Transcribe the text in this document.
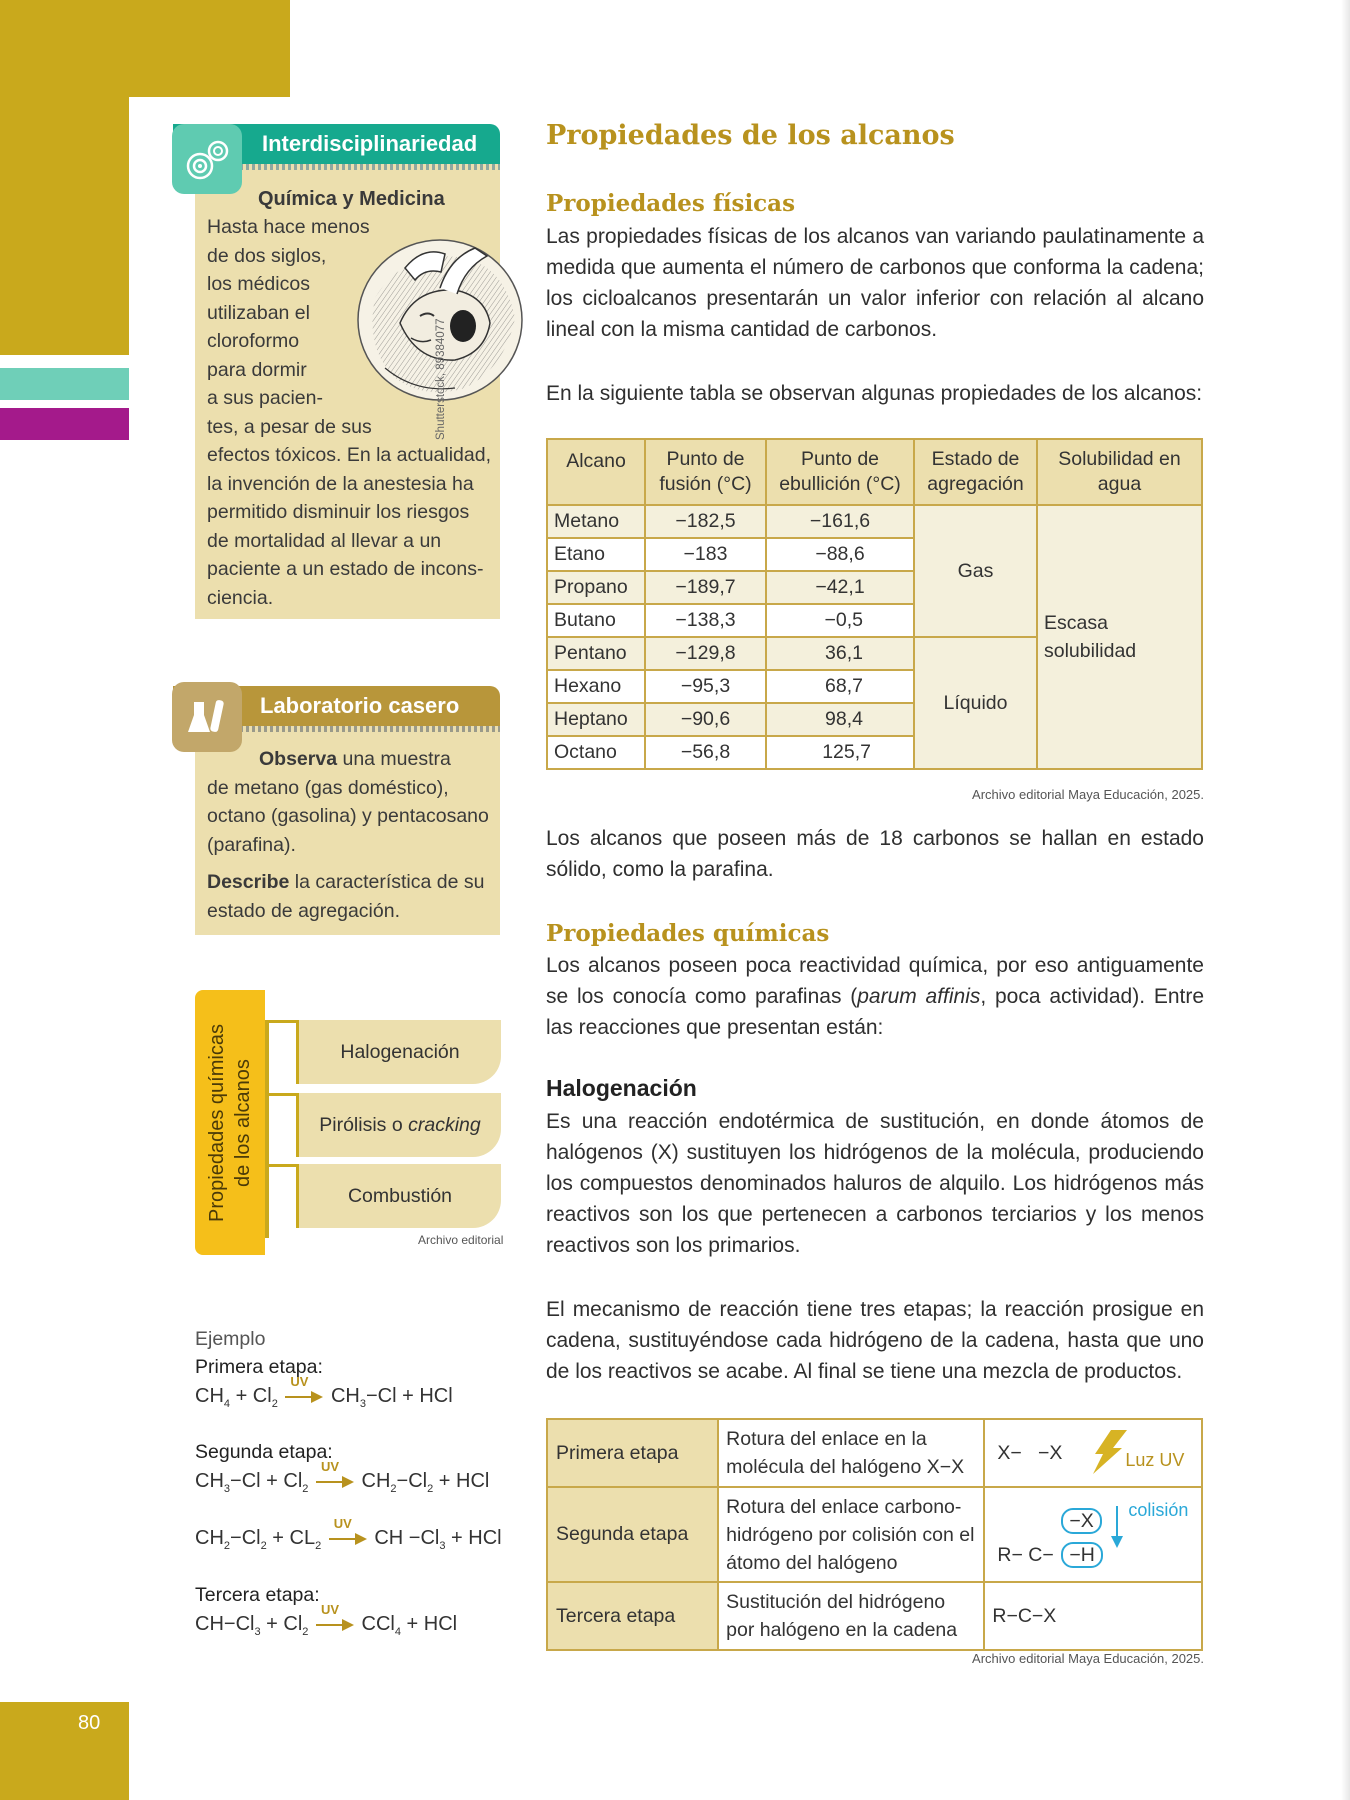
80
Interdisciplinariedad
Química y Medicina
Hasta hace menos
de dos siglos,
los médicos
utilizaban el
cloroformo
para dormir
a sus pacien-
tes, a pesar de sus
efectos tóxicos. En la actualidad,
la invención de la anestesia ha
permitido disminuir los riesgos
de mortalidad al llevar a un
paciente a un estado de incons-
ciencia.
Shutterstock, 89384077
Laboratorio casero
Observa una muestra
de metano (gas doméstico),
octano (gasolina) y pentacosano
(parafina).
Describe la característica de su
estado de agregación.
Propiedades químicas de los alcanos
Halogenación
Pirólisis o cracking
Combustión
Archivo editorial
Ejemplo
Primera etapa:
$CH_4 + Cl_2$
UV
$CH_3-Cl$ + HCl
Segunda etapa:
$CH_3-Cl + Cl_2$
UV
$CH_2-Cl_2$ + HCl
$CH_2-Cl_2 + CL_2$
UV
CH $-Cl_3$ + HCl
Tercera etapa:
$CH-Cl_3 + Cl_2$
UV
CCl$_4$ + HCl
Propiedades de los alcanos
Propiedades físicas
Las propiedades físicas de los alcanos van variando paulatinamente a medida que aumenta el número de carbonos que conforma la cadena; los cicloalcanos presentarán un valor inferior con relación al alcano lineal con la misma cantidad de carbonos.
En la siguiente tabla se observan algunas propiedades de los alcanos:
Alcano	Punto de fusión (°C)	Punto de ebullición (°C)	Estado de agregación	Solubilidad en agua
Metano	−182,5	−161,6	Gas	Escasa solubilidad
Etano	−183	−88,6		
Propano	−189,7	−42,1		
Butano	−138,3	−0,5		
Pentano	−129,8	36,1	Líquido	
Hexano	−95,3	68,7		
Heptano	−90,6	98,4		
Octano	−56,8	125,7		
Archivo editorial Maya Educación, 2025.
Los alcanos que poseen más de 18 carbonos se hallan en estado sólido, como la parafina.
Propiedades químicas
Los alcanos poseen poca reactividad química, por eso antiguamente se los conocía como parafinas (parum affinis, poca actividad). Entre las reacciones que presentan están:
Halogenación
Es una reacción endotérmica de sustitución, en donde átomos de halógenos (X) sustituyen los hidrógenos de la molécula, produciendo los compuestos denominados haluros de alquilo. Los hidrógenos más reactivos son los que pertenecen a carbonos terciarios y los menos reactivos son los primarios.
El mecanismo de reacción tiene tres etapas; la reacción prosigue en cadena, sustituyéndose cada hidrógeno de la cadena, hasta que uno de los reactivos se acabe. Al final se tiene una mezcla de productos.
Primera etapa	Rotura del enlace en la molécula del halógeno X−X	X−   −X Luz UV

Segunda etapa	Rotura del enlace carbono-hidrógeno por colisión con el átomo del halógeno	R− C−
−X
−H
colisión

Tercera etapa	Sustitución del hidrógeno por halógeno en la cadena	R−C−X
Archivo editorial Maya Educación, 2025.
